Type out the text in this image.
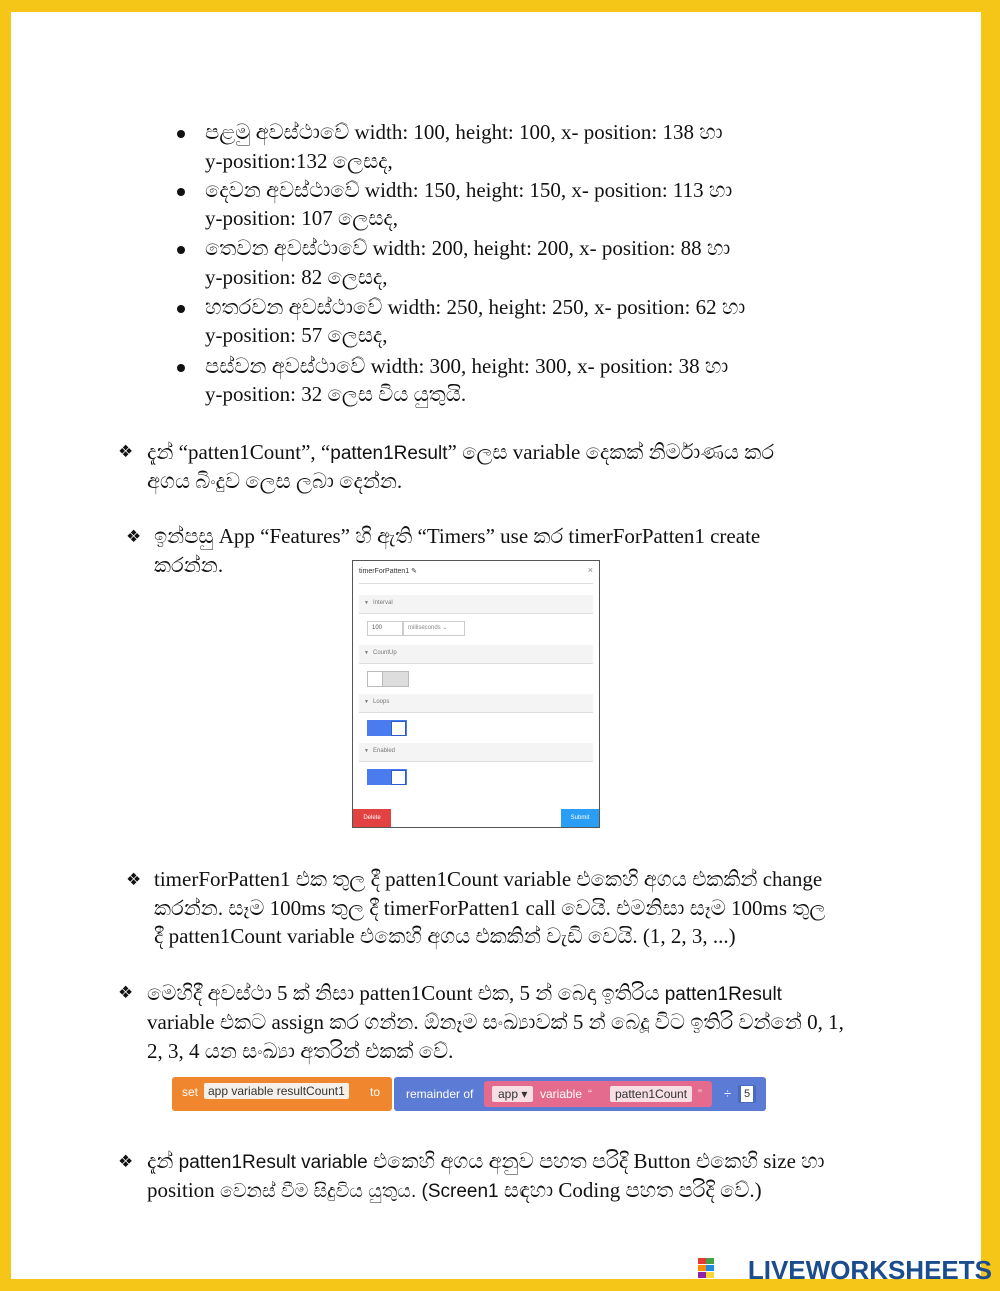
පළමු අවස්ථාවේ width: 100, height: 100, x- position: 138 හා
y-position:132 ලෙසද,
දෙවන අවස්ථාවේ width: 150, height: 150, x- position: 113 හා
y-position: 107 ලෙසද,
තෙවන අවස්ථාවේ width: 200, height: 200, x- position: 88 හා
y-position: 82 ලෙසද,
හතරවන අවස්ථාවේ width: 250, height: 250, x- position: 62 හා
y-position: 57 ලෙසද,
පස්වන අවස්ථාවේ width: 300, height: 300, x- position: 38 හා
y-position: 32 ලෙස විය යුතුයි.
❖ දැන් “patten1Count”, “patten1Result” ලෙස variable දෙකක් නිර්මාණය කර
අගය බිංදුව ලෙස ලබා දෙන්න.
❖ ඉන්පසු App “Features” හි ඇති “Timers” use කර timerForPatten1 create
කරන්න.	timerForPatten1 ✎	×
▼ Interval
100	milliseconds ⌄
▼ CountUp
▼ Loops
▼ Enabled
Delete	Submit
❖ timerForPatten1 එක තුල දී patten1Count variable එකෙහි අගය එකකින් change
කරන්න. සෑම 100ms තුල දී timerForPatten1 call වෙයි. එමනිසා සෑම 100ms තුල
දී patten1Count variable එකෙහි අගය එකකින් වැඩි වෙයි. (1, 2, 3, ...)
❖ මෙහිදී අවස්ථා 5 ක් නිසා patten1Count එක, 5 න් බෙදා ඉතිරිය patten1Result
variable එකට assign කර ගන්න. ඕනෑම සංඛ්‍යාවක් 5 න් බෙදූ විට ඉතිරි වන්නේ 0, 1,
2, 3, 4 යන සංඛ්‍යා අතරින් එකක් වේ.
set app variable resultCount1	to remainder of	app ▾	variable “	patten1Count ” ÷ 5
❖ දැන් patten1Result variable එකෙහි අගය අනුව පහත පරිදි Button එකෙහි size හා
position වෙනස් වීම සිදුවිය යුතුය. (Screen1 සඳහා Coding පහත පරිදි වේ.)
LIVEWORKSHEETS
